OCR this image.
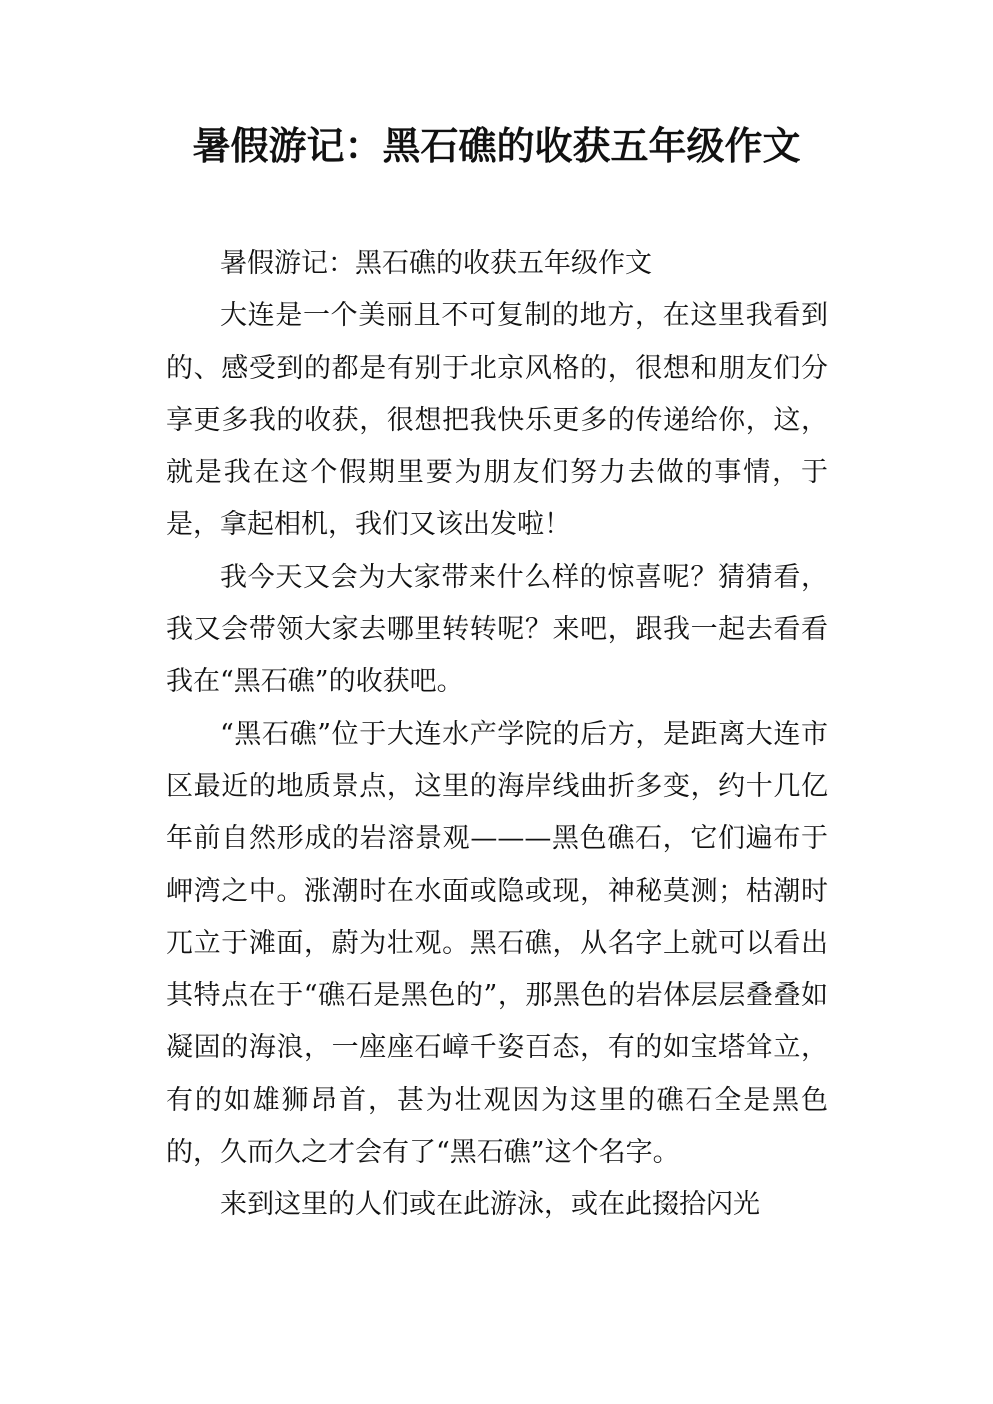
暑假游记：黑石礁的收获五年级作文

暑假游记：黑石礁的收获五年级作文

大连是一个美丽且不可复制的地方，在这里我看到的、感受到的都是有别于北京风格的，很想和朋友们分享更多我的收获，很想把我快乐更多的传递给你，这，就是我在这个假期里要为朋友们努力去做的事情，于是，拿起相机，我们又该出发啦！

我今天又会为大家带来什么样的惊喜呢？猜猜看，我又会带领大家去哪里转转呢？来吧，跟我一起去看看我在“黑石礁”的收获吧。

“黑石礁”位于大连水产学院的后方，是距离大连市区最近的地质景点，这里的海岸线曲折多变，约十几亿年前自然形成的岩溶景观———黑色礁石，它们遍布于岬湾之中。涨潮时在水面或隐或现，神秘莫测；枯潮时兀立于滩面，蔚为壮观。黑石礁，从名字上就可以看出其特点在于“礁石是黑色的”，那黑色的岩体层层叠叠如凝固的海浪，一座座石嶂千姿百态，有的如宝塔耸立，有的如雄狮昂首，甚为壮观因为这里的礁石全是黑色的，久而久之才会有了“黑石礁”这个名字。

来到这里的人们或在此游泳，或在此掇拾闪光
